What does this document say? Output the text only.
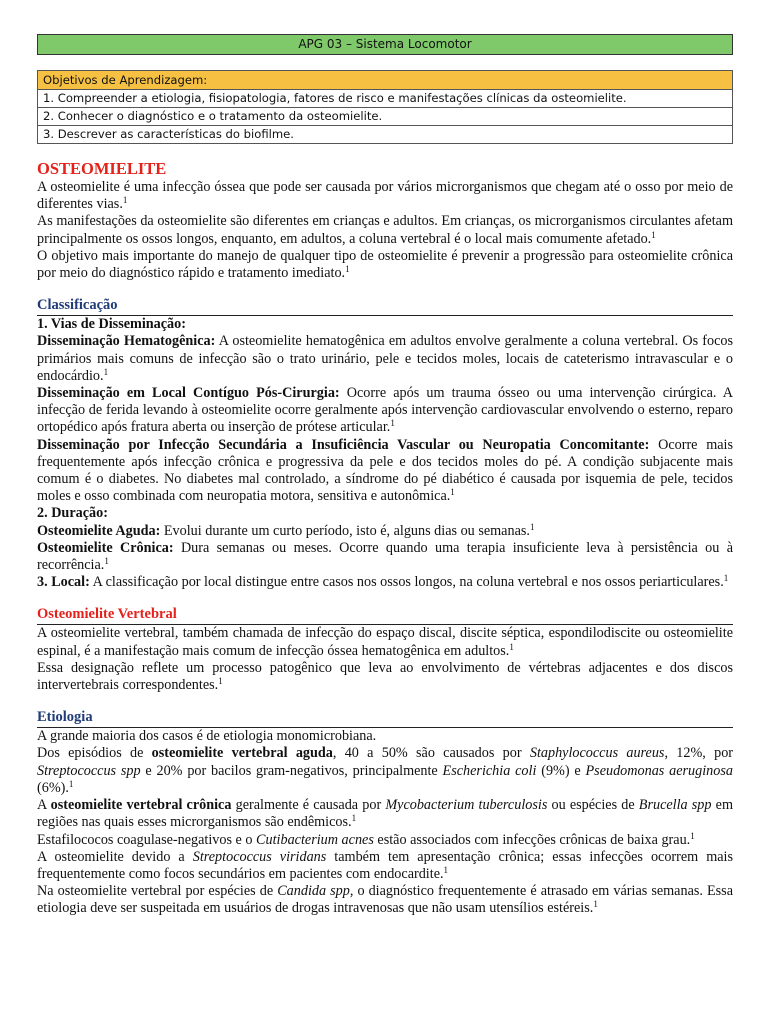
APG 03 – Sistema Locomotor
Objetivos de Aprendizagem:
1. Compreender a etiologia, fisiopatologia, fatores de risco e manifestações clínicas da osteomielite.
2. Conhecer o diagnóstico e o tratamento da osteomielite.
3. Descrever as características do biofilme.
OSTEOMIELITE

A osteomielite é uma infecção óssea que pode ser causada por vários microrganismos que chegam até o osso por meio de diferentes vias.$^1$

As manifestações da osteomielite são diferentes em crianças e adultos. Em crianças, os microrganismos circulantes afetam principalmente os ossos longos, enquanto, em adultos, a coluna vertebral é o local mais comumente afetado.$^1$

O objetivo mais importante do manejo de qualquer tipo de osteomielite é prevenir a progressão para osteomielite crônica por meio do diagnóstico rápido e tratamento imediato.$^1$

Classificação

1. Vias de Disseminação:

Disseminação Hematogênica: A osteomielite hematogênica em adultos envolve geralmente a coluna vertebral. Os focos primários mais comuns de infecção são o trato urinário, pele e tecidos moles, locais de cateterismo intravascular e o endocárdio.$^1$

Disseminação em Local Contíguo Pós-Cirurgia: Ocorre após um trauma ósseo ou uma intervenção cirúrgica. A infecção de ferida levando à osteomielite ocorre geralmente após intervenção cardiovascular envolvendo o esterno, reparo ortopédico após fratura aberta ou inserção de prótese articular.$^1$

Disseminação por Infecção Secundária a Insuficiência Vascular ou Neuropatia Concomitante: Ocorre mais frequentemente após infecção crônica e progressiva da pele e dos tecidos moles do pé. A condição subjacente mais comum é o diabetes. No diabetes mal controlado, a síndrome do pé diabético é causada por isquemia de pele, tecidos moles e osso combinada com neuropatia motora, sensitiva e autonômica.$^1$

2. Duração:

Osteomielite Aguda: Evolui durante um curto período, isto é, alguns dias ou semanas.$^1$

Osteomielite Crônica: Dura semanas ou meses. Ocorre quando uma terapia insuficiente leva à persistência ou à recorrência.$^1$

3. Local: A classificação por local distingue entre casos nos ossos longos, na coluna vertebral e nos ossos periarticulares.$^1$

Osteomielite Vertebral

A osteomielite vertebral, também chamada de infecção do espaço discal, discite séptica, espondilodiscite ou osteomielite espinal, é a manifestação mais comum de infecção óssea hematogênica em adultos.$^1$

Essa designação reflete um processo patogênico que leva ao envolvimento de vértebras adjacentes e dos discos intervertebrais correspondentes.$^1$

Etiologia

A grande maioria dos casos é de etiologia monomicrobiana.

Dos episódios de osteomielite vertebral aguda, 40 a 50% são causados por Staphylococcus aureus, 12%, por Streptococcus spp e 20% por bacilos gram-negativos, principalmente Escherichia coli (9%) e Pseudomonas aeruginosa (6%).$^1$

A osteomielite vertebral crônica geralmente é causada por Mycobacterium tuberculosis ou espécies de Brucella spp em regiões nas quais esses microrganismos são endêmicos.$^1$

Estafilococos coagulase-negativos e o Cutibacterium acnes estão associados com infecções crônicas de baixa grau.$^1$

A osteomielite devido a Streptococcus viridans também tem apresentação crônica; essas infecções ocorrem mais frequentemente como focos secundários em pacientes com endocardite.$^1$

Na osteomielite vertebral por espécies de Candida spp, o diagnóstico frequentemente é atrasado em várias semanas. Essa etiologia deve ser suspeitada em usuários de drogas intravenosas que não usam utensílios estéreis.$^1$
